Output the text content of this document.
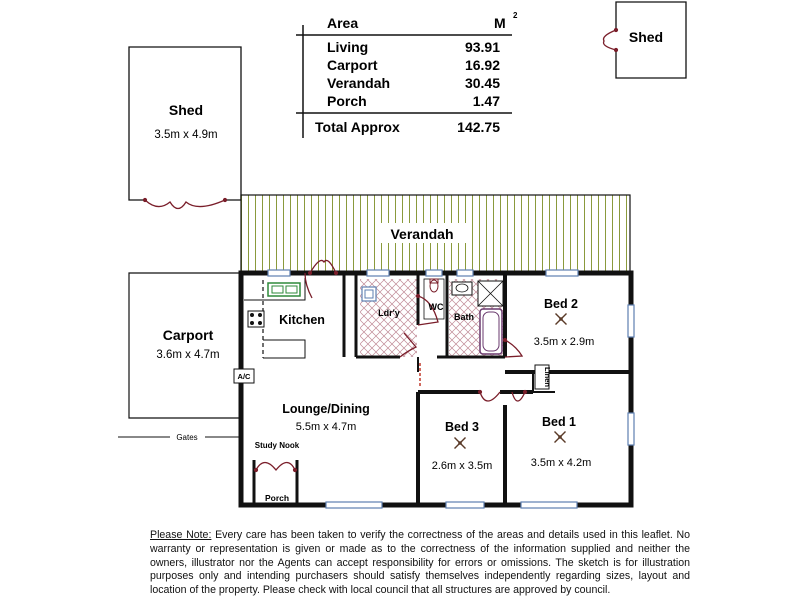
Area	M 2
Living	93.91
Carport	16.92
Verandah	30.45
Porch	1.47
Total Approx	142.75
Shed
Shed
3.5m x 4.9m
Verandah
Carport
3.6m x 4.7m
Gates
Kitchen	Ldr'y
WC
Bath
Bed 2
3.5m x 2.9m
Linen
A/C
Lounge/Dining
5.5m x 4.7m
Study Nook
Porch
Bed 3
2.6m x 3.5m
Bed 1
3.5m x 4.2m

Please Note: Every care has been taken to verify the correctness of the areas and details used in this leaflet. No warranty or representation is given or made as to the correctness of the information supplied and neither the owners, illustrator nor the Agents can accept responsibility for errors or omissions. The sketch is for illustration purposes only and intending purchasers should satisfy themselves independently regarding sizes, layout and location of the property. Please check with local council that all structures are approved by council.
